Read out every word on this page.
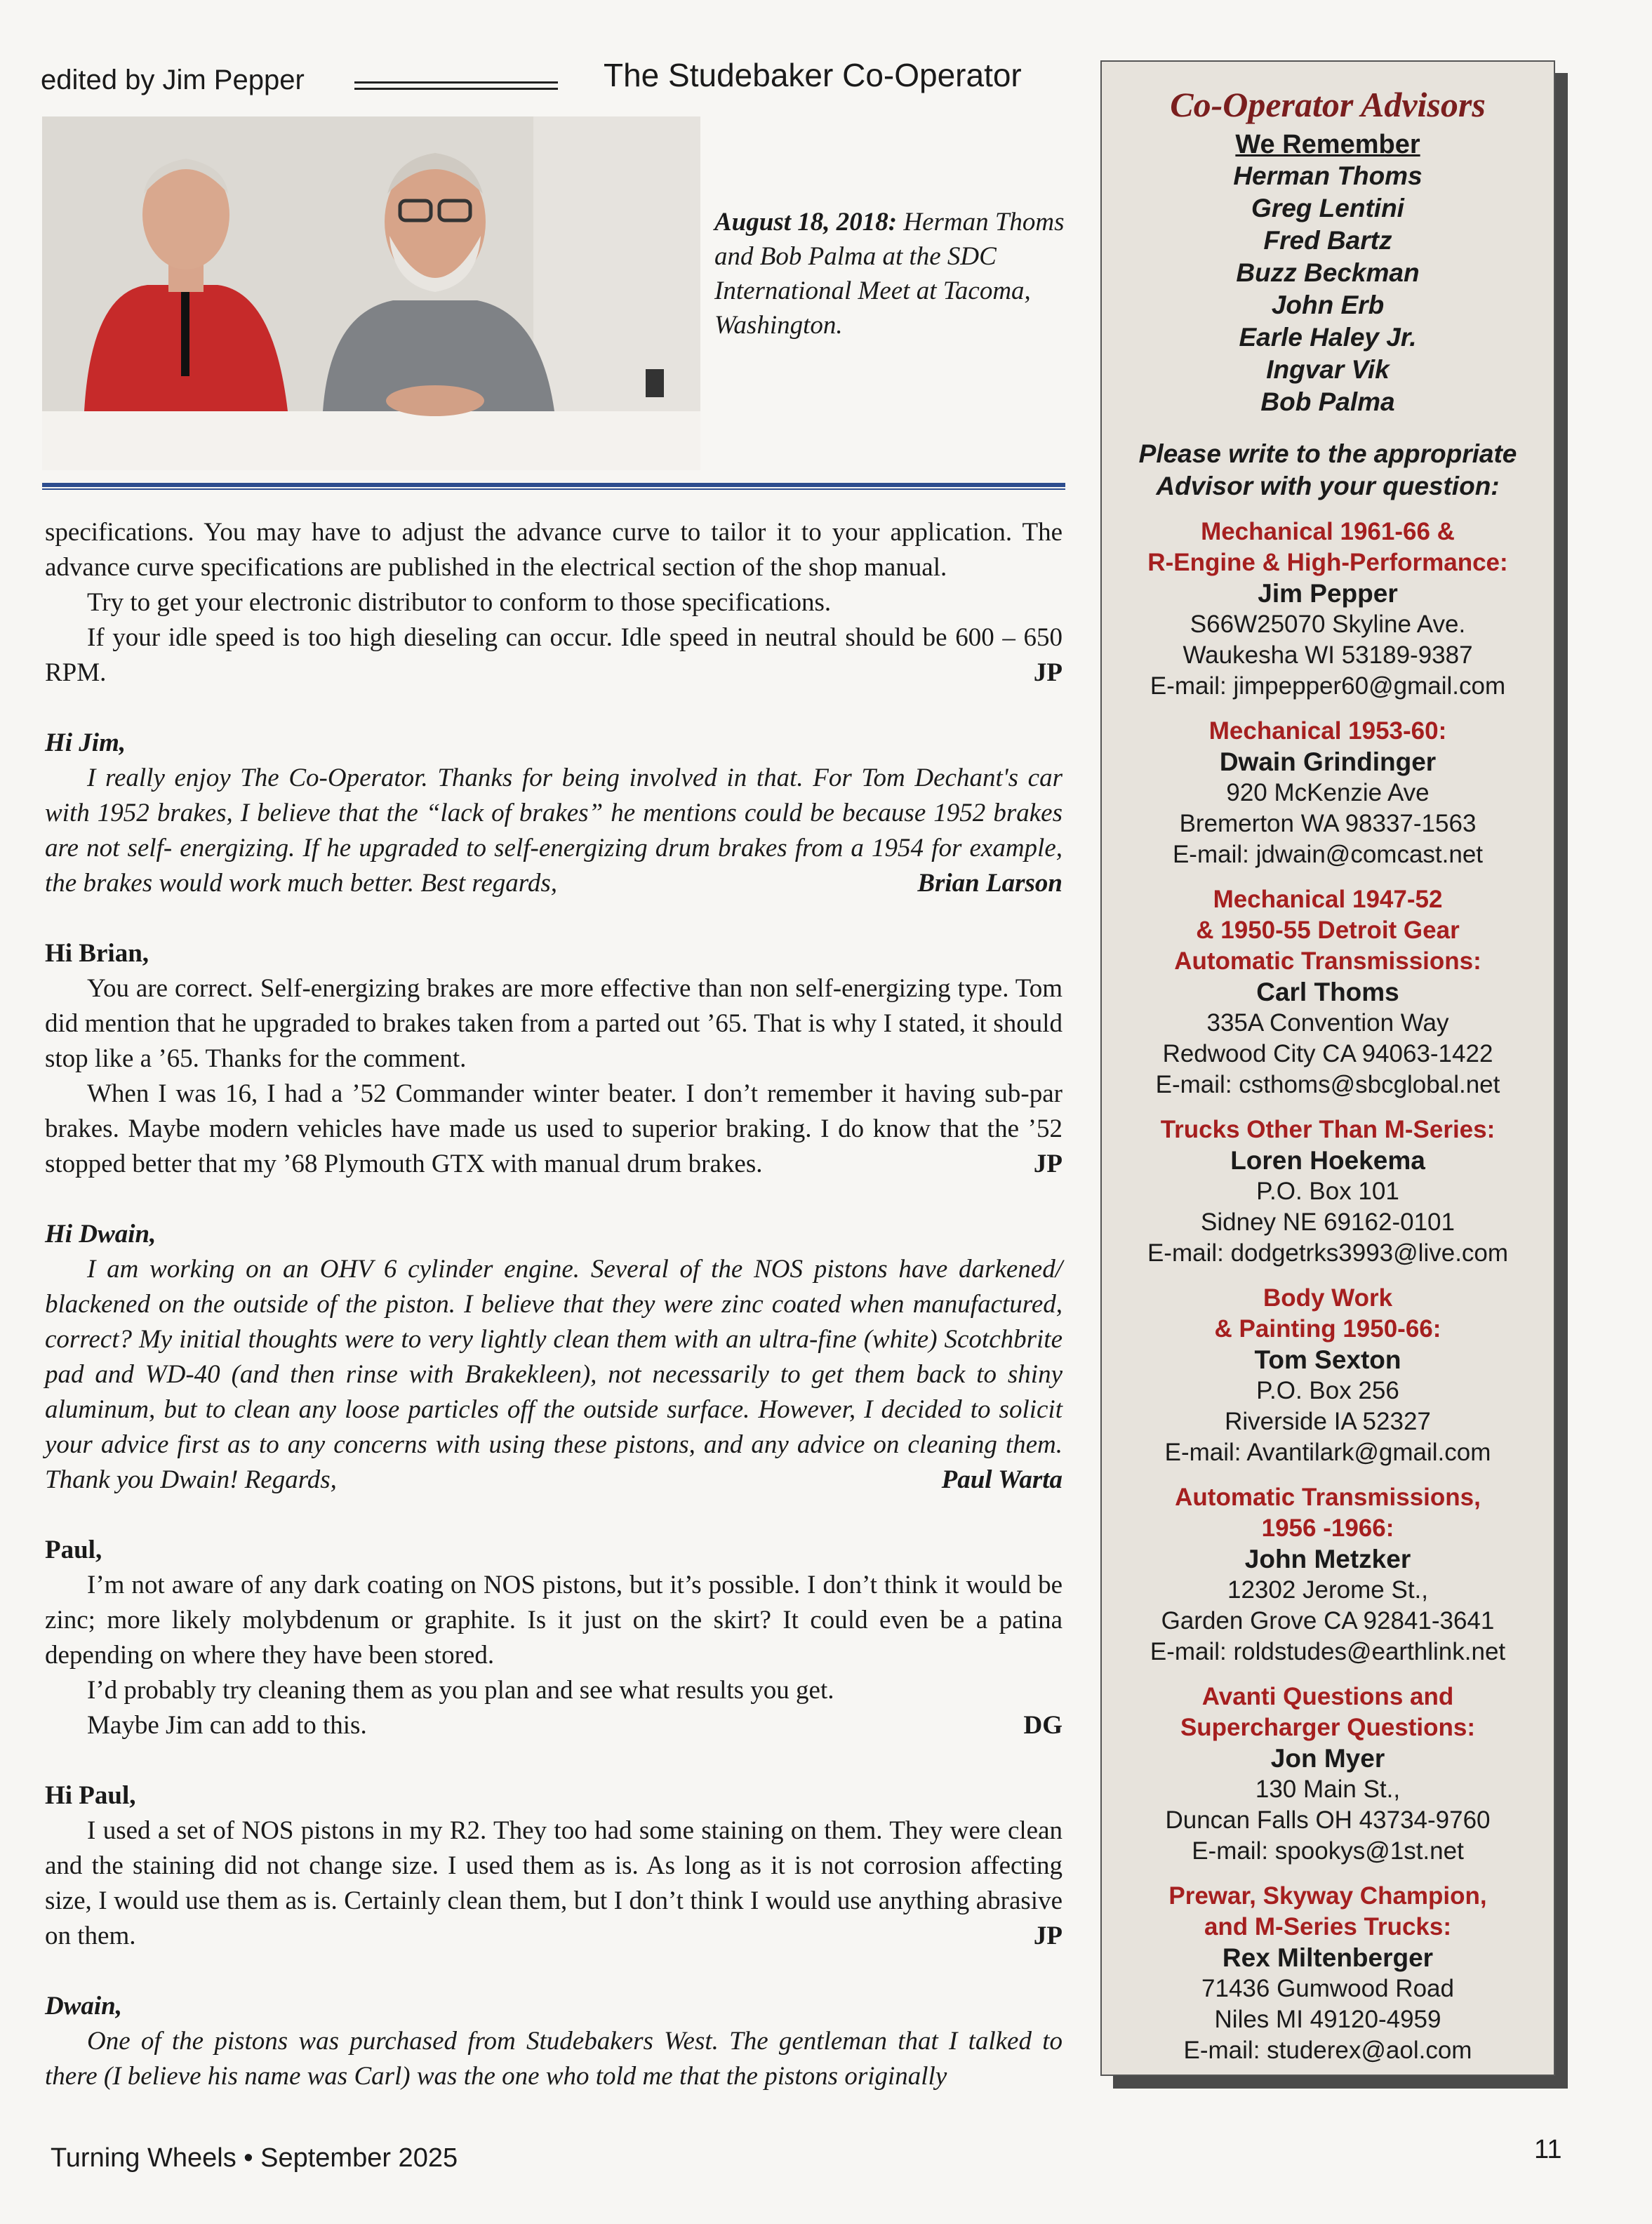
edited by Jim Pepper	The Studebaker Co-Operator
August 18, 2018: Herman Thoms and Bob Palma at the SDC International Meet at Tacoma, Washington.

specifications. You may have to adjust the advance curve to tailor it to your application. The advance curve specifications are published in the electrical section of the shop manual.

Try to get your electronic distributor to conform to those specifications.

If your idle speed is too high dieseling can occur. Idle speed in neutral should be 600 – 650 RPM.	JP

Hi Jim,

I really enjoy The Co-Operator. Thanks for being involved in that. For Tom Dechant's car with 1952 brakes, I believe that the “lack of brakes” he mentions could be because 1952 brakes are not self- energizing. If he upgraded to self-energizing drum brakes from a 1954 for example, the brakes would work much better. Best regards,	Brian Larson

Hi Brian,

You are correct. Self-energizing brakes are more effective than non self-energizing type. Tom did mention that he upgraded to brakes taken from a parted out ’65. That is why I stated, it should stop like a ’65. Thanks for the comment.

When I was 16, I had a ’52 Commander winter beater. I don’t remember it having sub-par brakes. Maybe modern vehicles have made us used to superior braking. I do know that the ’52 stopped better that my ’68 Plymouth GTX with manual drum brakes.	JP

Hi Dwain,

I am working on an OHV 6 cylinder engine. Several of the NOS pistons have darkened/ blackened on the outside of the piston. I believe that they were zinc coated when manufactured, correct? My initial thoughts were to very lightly clean them with an ultra-fine (white) Scotchbrite pad and WD-40 (and then rinse with Brakekleen), not necessarily to get them back to shiny aluminum, but to clean any loose particles off the outside surface. However, I decided to solicit your advice first as to any concerns with using these pistons, and any advice on cleaning them. Thank you Dwain! Regards,	Paul Warta

Paul,

I’m not aware of any dark coating on NOS pistons, but it’s possible. I don’t think it would be zinc; more likely molybdenum or graphite. Is it just on the skirt? It could even be a patina depending on where they have been stored.

I’d probably try cleaning them as you plan and see what results you get.

Maybe Jim can add to this.	DG

Hi Paul,

I used a set of NOS pistons in my R2. They too had some staining on them. They were clean and the staining did not change size. I used them as is. As long as it is not corrosion affecting size, I would use them as is. Certainly clean them, but I don’t think I would use anything abrasive on them.	JP

Dwain,

One of the pistons was purchased from Studebakers West. The gentleman that I talked to there (I believe his name was Carl) was the one who told me that the pistons originally

Co-Operator Advisors
We Remember
Herman Thoms
Greg Lentini
Fred Bartz
Buzz Beckman
John Erb
Earle Haley Jr.
Ingvar Vik
Bob Palma
Please write to the appropriate
Advisor with your question:
Mechanical 1961-66 &
R-Engine & High-Performance:
Jim Pepper
S66W25070 Skyline Ave.
Waukesha WI 53189-9387
E-mail: jimpepper60@gmail.com
Mechanical 1953-60:
Dwain Grindinger
920 McKenzie Ave
Bremerton WA 98337-1563
E-mail: jdwain@comcast.net
Mechanical 1947-52
& 1950-55 Detroit Gear
Automatic Transmissions:
Carl Thoms
335A Convention Way
Redwood City CA 94063-1422
E-mail: csthoms@sbcglobal.net
Trucks Other Than M-Series:
Loren Hoekema
P.O. Box 101
Sidney NE 69162-0101
E-mail: dodgetrks3993@live.com
Body Work
& Painting 1950-66:
Tom Sexton
P.O. Box 256
Riverside IA 52327
E-mail: Avantilark@gmail.com
Automatic Transmissions,
1956 -1966:
John Metzker
12302 Jerome St.,
Garden Grove CA 92841-3641
E-mail: roldstudes@earthlink.net
Avanti Questions and
Supercharger Questions:
Jon Myer
130 Main St.,
Duncan Falls OH 43734-9760
E-mail: spookys@1st.net
Prewar, Skyway Champion,
and M-Series Trucks:
Rex Miltenberger
71436 Gumwood Road
Niles MI 49120-4959
E-mail: studerex@aol.com
Turning Wheels • September 2025	11
